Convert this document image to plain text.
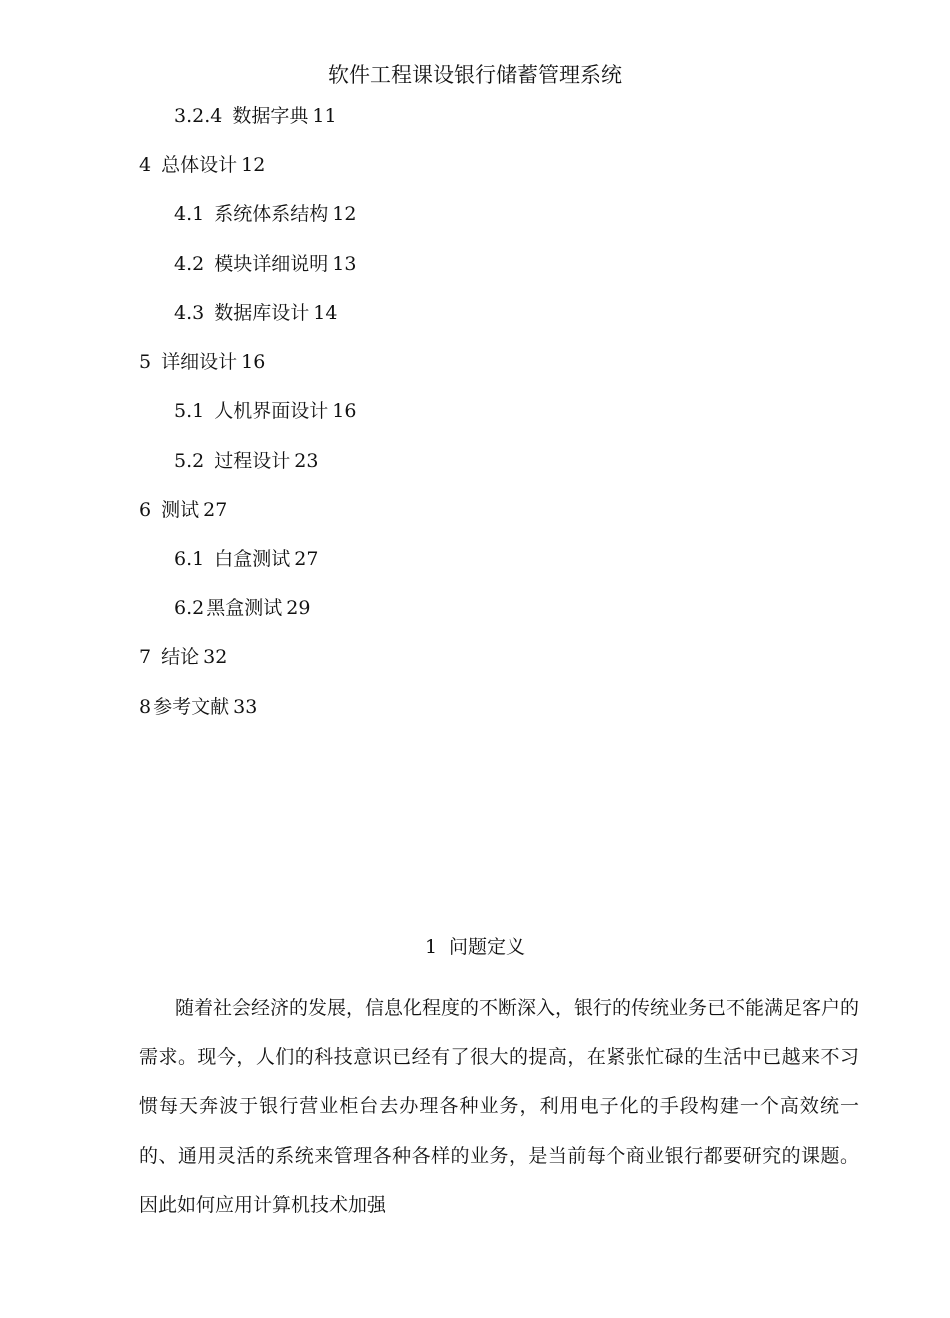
软件工程课设银行储蓄管理系统
3.2.4 数据字典 11
4 总体设计 12
4.1 系统体系结构 12
4.2 模块详细说明 13
4.3 数据库设计 14
5 详细设计 16
5.1 人机界面设计 16
5.2 过程设计 23
6 测试 27
6.1 白盒测试 27
6.2 黑盒测试 29
7 结论 32
8 参考文献 33
1 问题定义

随着社会经济的发展，信息化程度的不断深入，银行的传统业务已不能满足客户的需求。现今，人们的科技意识已经有了很大的提高，在紧张忙碌的生活中已越来不习惯每天奔波于银行营业柜台去办理各种业务，利用电子化的手段构建一个高效统一的、通用灵活的系统来管理各种各样的业务，是当前每个商业银行都要研究的课题。因此如何应用计算机技术加强
